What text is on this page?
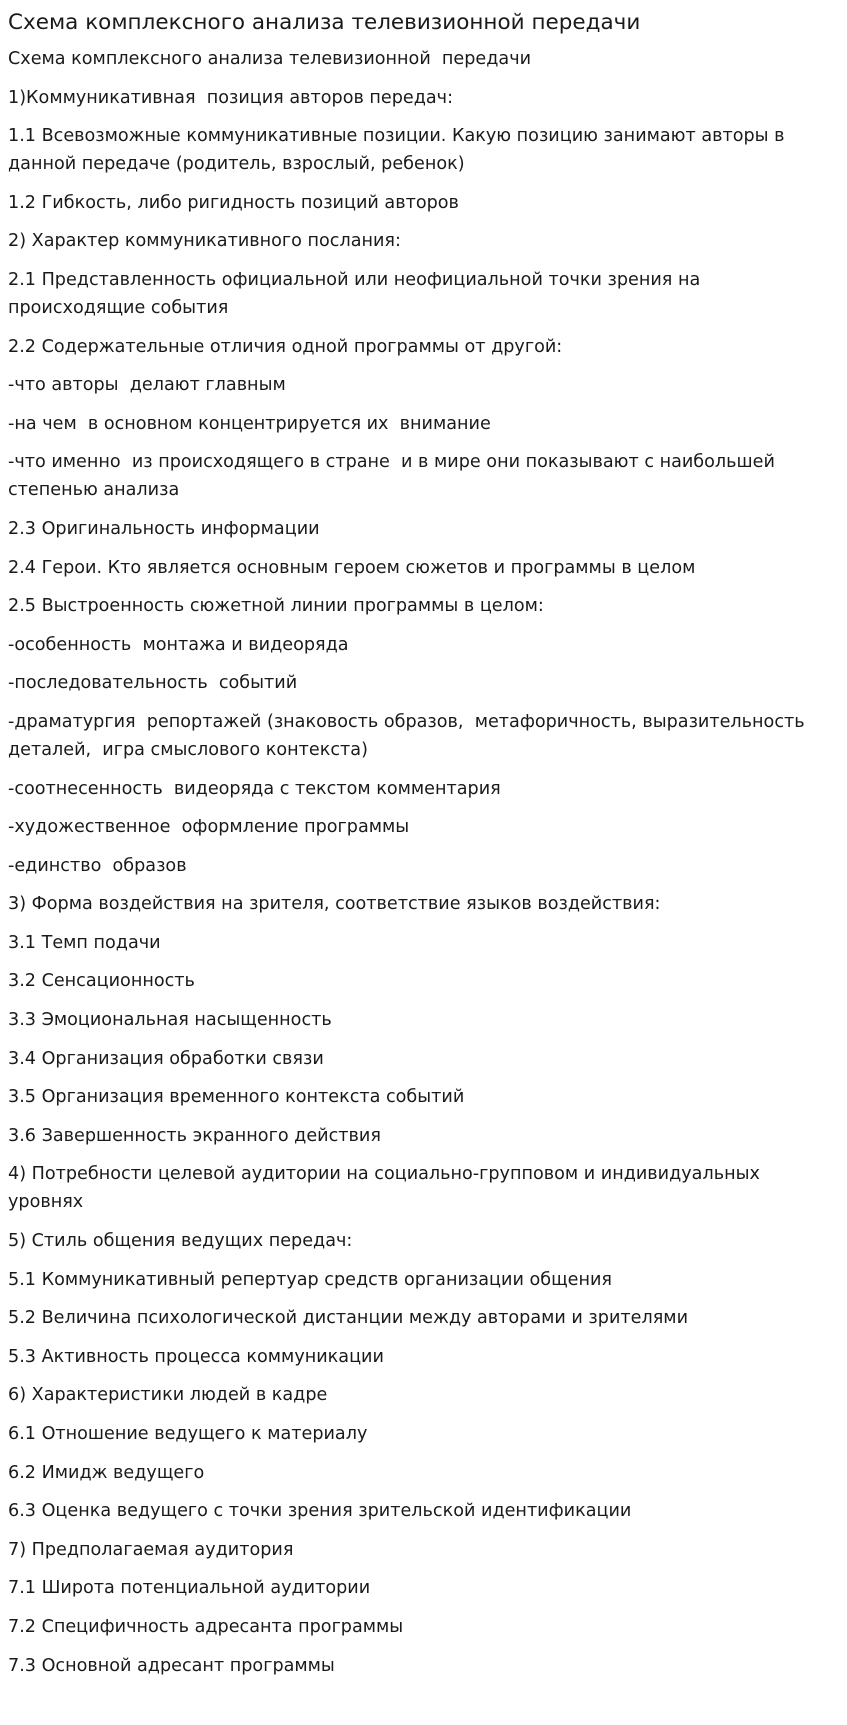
Схема комплексного анализа телевизионной передачи

Схема комплексного анализа телевизионной  передачи

1)Коммуникативная  позиция авторов передач:

1.1 Всевозможные коммуникативные позиции. Какую позицию занимают авторы в данной передаче (родитель, взрослый, ребенок)

1.2 Гибкость, либо ригидность позиций авторов

2) Характер коммуникативного послания:

2.1 Представленность официальной или неофициальной точки зрения на происходящие события

2.2 Содержательные отличия одной программы от другой:

-что авторы  делают главным

-на чем  в основном концентрируется их  внимание

-что именно  из происходящего в стране  и в мире они показывают с наибольшей степенью анализа

2.3 Оригинальность информации

2.4 Герои. Кто является основным героем сюжетов и программы в целом

2.5 Выстроенность сюжетной линии программы в целом:

-особенность  монтажа и видеоряда

-последовательность  событий

-драматургия  репортажей (знаковость образов,  метафоричность, выразительность деталей,  игра смыслового контекста)

-соотнесенность  видеоряда с текстом комментария

-художественное  оформление программы

-единство  образов

3) Форма воздействия на зрителя, соответствие языков воздействия:

3.1 Темп подачи

3.2 Сенсационность

3.3 Эмоциональная насыщенность

3.4 Организация обработки связи

3.5 Организация временного контекста событий

3.6 Завершенность экранного действия

4) Потребности целевой аудитории на социально-групповом и индивидуальных уровнях

5) Стиль общения ведущих передач:

5.1 Коммуникативный репертуар средств организации общения

5.2 Величина психологической дистанции между авторами и зрителями

5.3 Активность процесса коммуникации

6) Характеристики людей в кадре

6.1 Отношение ведущего к материалу

6.2 Имидж ведущего

6.3 Оценка ведущего с точки зрения зрительской идентификации

7) Предполагаемая аудитория

7.1 Широта потенциальной аудитории

7.2 Специфичность адресанта программы

7.3 Основной адресант программы
